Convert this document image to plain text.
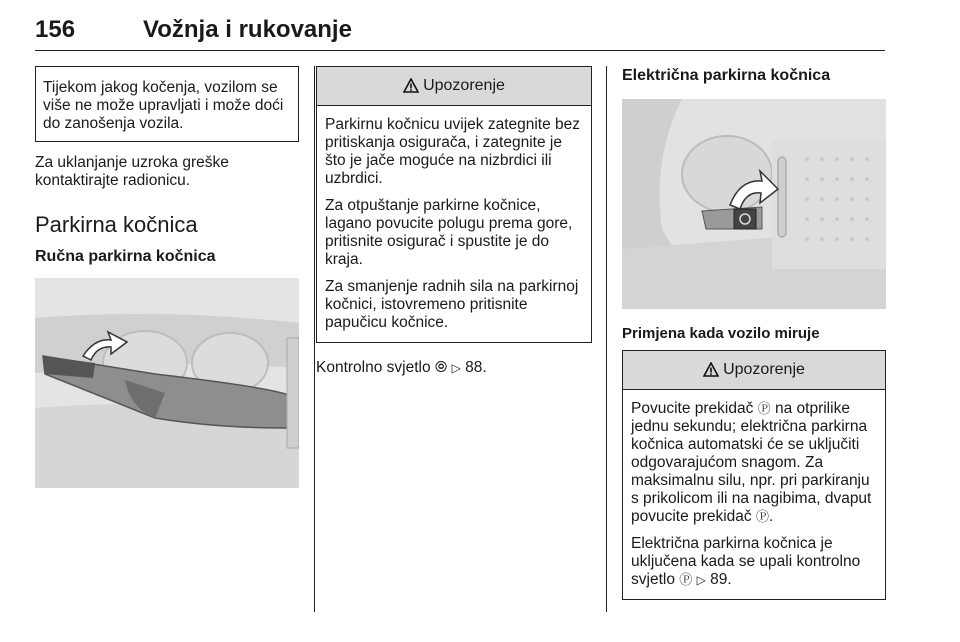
156	Vožnja i rukovanje

Tijekom jakog kočenja, vozilom se više ne može upravljati i može doći do zanošenja vozila.

Za uklanjanje uzroka greške kontaktirajte radionicu.

Parkirna kočnica
Ručna parkirna kočnica
Upozorenje

Parkirnu kočnicu uvijek zategnite bez pritiskanja osigurača, i zategnite je što je jače moguće na nizbrdici ili uzbrdici.

Za otpuštanje parkirne kočnice, lagano povucite polugu prema gore, pritisnite osigurač i spustite je do kraja.

Za smanjenje radnih sila na parkirnoj kočnici, istovremeno pritisnite papučicu kočnice.

Kontrolno svjetlo ⦾ ▷ 88.

Električna parkirna kočnica
Primjena kada vozilo miruje
Upozorenje

Povucite prekidač Ⓟ na otprilike jednu sekundu; električna parkirna kočnica automatski će se uključiti odgovarajućom snagom. Za maksimalnu silu, npr. pri parkiranju s prikolicom ili na nagibima, dvaput povucite prekidač Ⓟ.

Električna parkirna kočnica je uključena kada se upali kontrolno svjetlo Ⓟ ▷ 89.
